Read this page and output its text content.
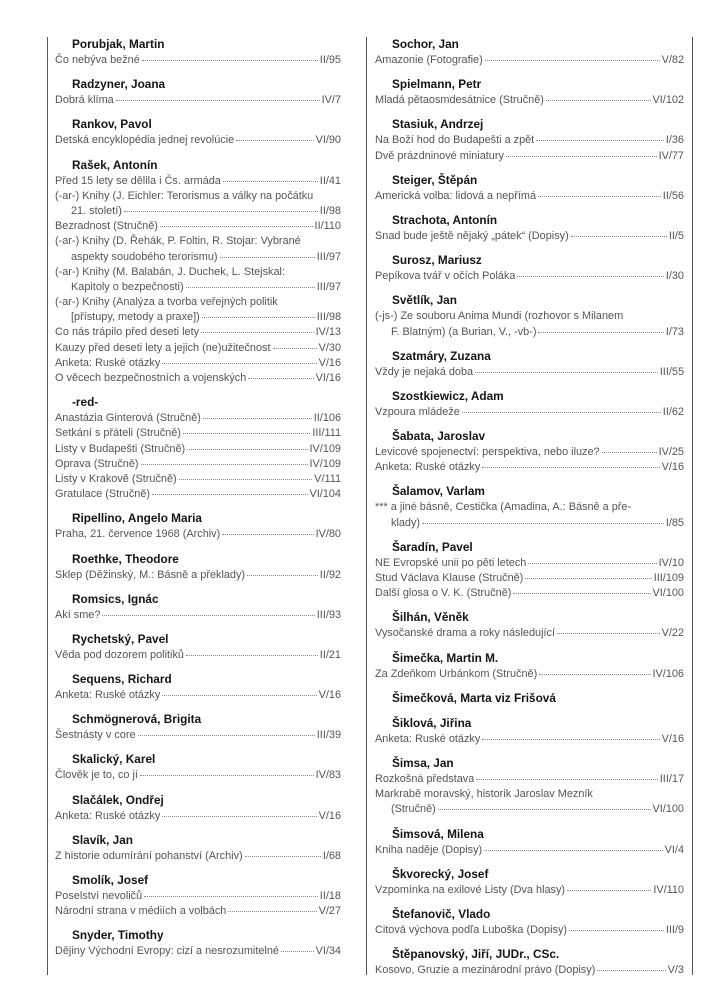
Porubjak, Martin
Čo nebýva bežné	II/95
Radzyner, Joana
Dobrá klíma	IV/7
Rankov, Pavol
Detská encyklopédia jednej revolúcie	VI/90
Rašek, Antonín
Před 15 lety se dělila i Čs. armáda	II/41
(-ar-) Knihy (J. Eichler: Terorismus a války na počátku
21. století)	II/98
Bezradnost (Stručně)	II/110
(-ar-) Knihy (D. Řehák, P. Foltin, R. Stojar: Vybrané
aspekty soudobého terorismu)	III/97
(-ar-) Knihy (M. Balabán, J. Duchek, L. Stejskal:
Kapitoly o bezpečnosti)	III/97
(-ar-) Knihy (Analýza a tvorba veřejných politik
[přístupy, metody a praxe])	III/98
Co nás trápilo před deseti lety	IV/13
Kauzy před deseti lety a jejich (ne)užitečnost	V/30
Anketa: Ruské otázky	V/16
O věcech bezpečnostních a vojenských	VI/16
-red-
Anastázia Ginterová (Stručně)	II/106
Setkání s přáteli (Stručně)	III/111
Listy v Budapešti (Stručně)	IV/109
Oprava (Stručně)	IV/109
Listy v Krakově (Stručně)	V/111
Gratulace (Stručně)	VI/104
Ripellino, Angelo Maria
Praha, 21. července 1968 (Archiv)	IV/80
Roethke, Theodore
Sklep (Děžinský, M.: Básně a překlady)	II/92
Romsics, Ignác
Akí sme?	III/93
Rychetský, Pavel
Věda pod dozorem politiků	II/21
Sequens, Richard
Anketa: Ruské otázky	V/16
Schmögnerová, Brigita
Šestnásty v core	III/39
Skalický, Karel
Člověk je to, co jí	IV/83
Slačálek, Ondřej
Anketa: Ruské otázky	V/16
Slavík, Jan
Z historie odumírání pohanství (Archiv)	I/68
Smolík, Josef
Poselství nevoličů	II/18
Národní strana v médiích a volbách	V/27
Snyder, Timothy
Dějiny Východní Evropy: cizí a nesrozumitelné	VI/34
Sochor, Jan
Amazonie (Fotografie)	V/82
Spielmann, Petr
Mladá pětaosmdesátnice (Stručně)	VI/102
Stasiuk, Andrzej
Na Boží hod do Budapešti a zpět	I/36
Dvě prázdninové miniatury	IV/77
Steiger, Štěpán
Americká volba: lidová a nepřímá	II/56
Strachota, Antonín
Snad bude ještě nějaký „pátek“ (Dopisy)	II/5
Surosz, Mariusz
Pepíkova tvář v očích Poláka	I/30
Světlík, Jan
(-js-) Ze souboru Anima Mundi (rozhovor s Milanem
F. Blatným) (a Burian, V., -vb-)	I/73
Szatmáry, Zuzana
Vždy je nejaká doba	III/55
Szostkiewicz, Adam
Vzpoura mládeže	II/62
Šabata, Jaroslav
Levicové spojenectví: perspektiva, nebo iluze?	IV/25
Anketa: Ruské otázky	V/16
Šalamov, Varlam
*** a jiné básně, Cestička (Amadina, A.: Básně a pře-
klady)	I/85
Šaradín, Pavel
NE Evropské unii po pěti letech	IV/10
Stud Václava Klause (Stručně)	III/109
Další glosa o V. K. (Stručně)	VI/100
Šilhán, Věněk
Vysočanské drama a roky následující	V/22
Šimečka, Martin M.
Za Zdeňkom Urbánkom (Stručně)	IV/106
Šimečková, Marta viz Frišová
Šiklová, Jiřina
Anketa: Ruské otázky	V/16
Šimsa, Jan
Rozkošná představa	III/17
Markrabě moravský, historik Jaroslav Mezník
(Stručně)	VI/100
Šimsová, Milena
Kniha naděje (Dopisy)	VI/4
Škvorecký, Josef
Vzpomínka na exilové Listy (Dva hlasy)	IV/110
Štefanovič, Vlado
Citová výchova podľa Luboška (Dopisy)	III/9
Štěpanovský, Jiří, JUDr., CSc.
Kosovo, Gruzie a mezinárodní právo (Dopisy)	V/3
